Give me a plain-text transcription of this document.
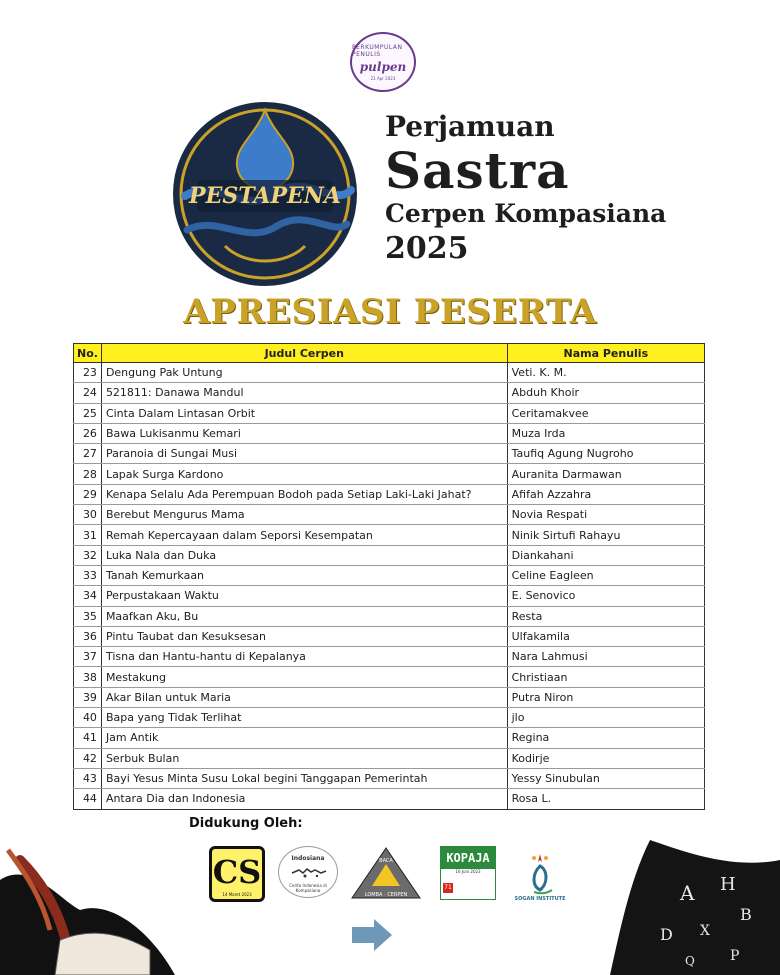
PERKUMPULAN PENULIS
pulpen
21 Apr 2023
PESTAPENA
Perjamuan
Sastra
Cerpen Kompasiana
2025
APRESIASI PESERTA
No.	Judul Cerpen	Nama Penulis
23	Dengung Pak Untung	Veti. K. M.
24	521811: Danawa Mandul	Abduh Khoir
25	Cinta Dalam Lintasan Orbit	Ceritamakvee
26	Bawa Lukisanmu Kemari	Muza Irda
27	Paranoia di Sungai Musi	Taufiq Agung Nugroho
28	Lapak Surga Kardono	Auranita Darmawan
29	Kenapa Selalu Ada Perempuan Bodoh pada Setiap Laki-Laki Jahat?	Afifah Azzahra
30	Berebut Mengurus Mama	Novia Respati
31	Remah Kepercayaan dalam Seporsi Kesempatan	Ninik Sirtufi Rahayu
32	Luka Nala dan Duka	Diankahani
33	Tanah Kemurkaan	Celine Eagleen
34	Perpustakaan Waktu	E. Senovico
35	Maafkan Aku, Bu	Resta
36	Pintu Taubat dan Kesuksesan	Ulfakamila
37	Tisna dan Hantu-hantu di Kepalanya	Nara Lahmusi
38	Mestakung	Christiaan
39	Akar Bilan untuk Maria	Putra Niron
40	Bapa yang Tidak Terlihat	jlo
41	Jam Antik	Regina
42	Serbuk Bulan	Kodirje
43	Bayi Yesus Minta Susu Lokal begini Tanggapan Pemerintah	Yessy Sinubulan
44	Antara Dia dan Indonesia	Rosa L.
Didukung Oleh:
CS
14 Maret 2023
Indosiana
Cerita Indonesia di Kompasiana
BACA
LOMBA · CERPEN
KOPAJA
16 Juni 2023
71
SOGAN INSTITUTE	A H
B
D X
P
Q
